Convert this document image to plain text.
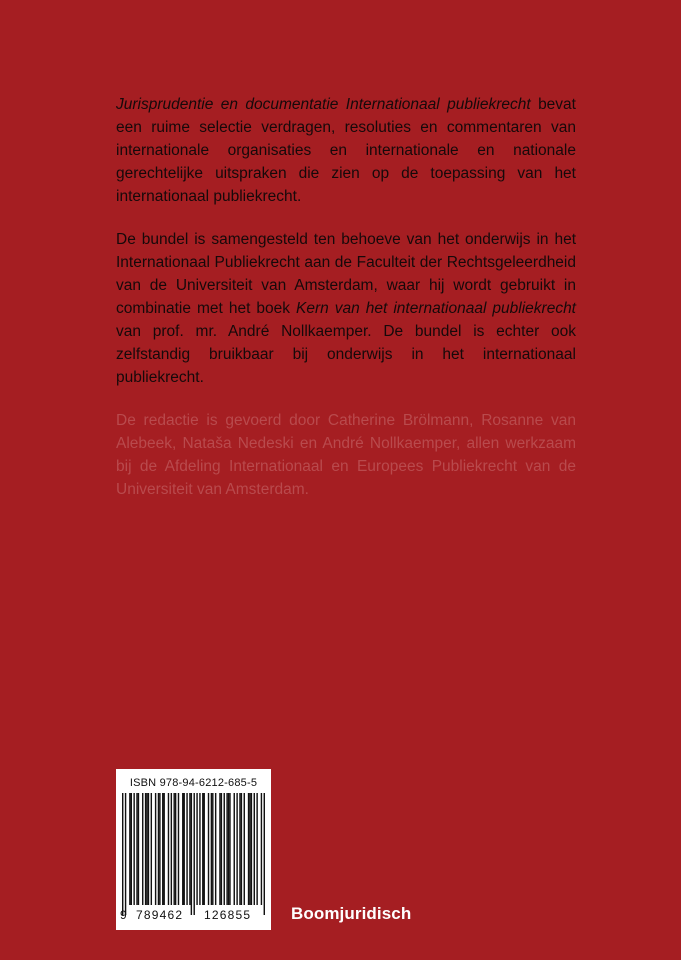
Jurisprudentie en documentatie Internationaal publiekrecht bevat een ruime selectie verdragen, resoluties en commentaren van internationale organisaties en internationale en nationale gerechtelijke uitspraken die zien op de toepassing van het internationaal publiekrecht.

De bundel is samengesteld ten behoeve van het onderwijs in het Internationaal Publiekrecht aan de Faculteit der Rechtsgeleerdheid van de Universiteit van Amsterdam, waar hij wordt gebruikt in combinatie met het boek Kern van het internationaal publiekrecht van prof. mr. André Nollkaemper. De bundel is echter ook zelfstandig bruikbaar bij onderwijs in het internationaal publiekrecht.

De redactie is gevoerd door Catherine Brölmann, Rosanne van Alebeek, Nataša Nedeski en André Nollkaemper, allen werkzaam bij de Afdeling Internationaal en Europees Publiekrecht van de Universiteit van Amsterdam.

ISBN 978-94-6212-685-5
9 789462 126855 Boomjuridisch
